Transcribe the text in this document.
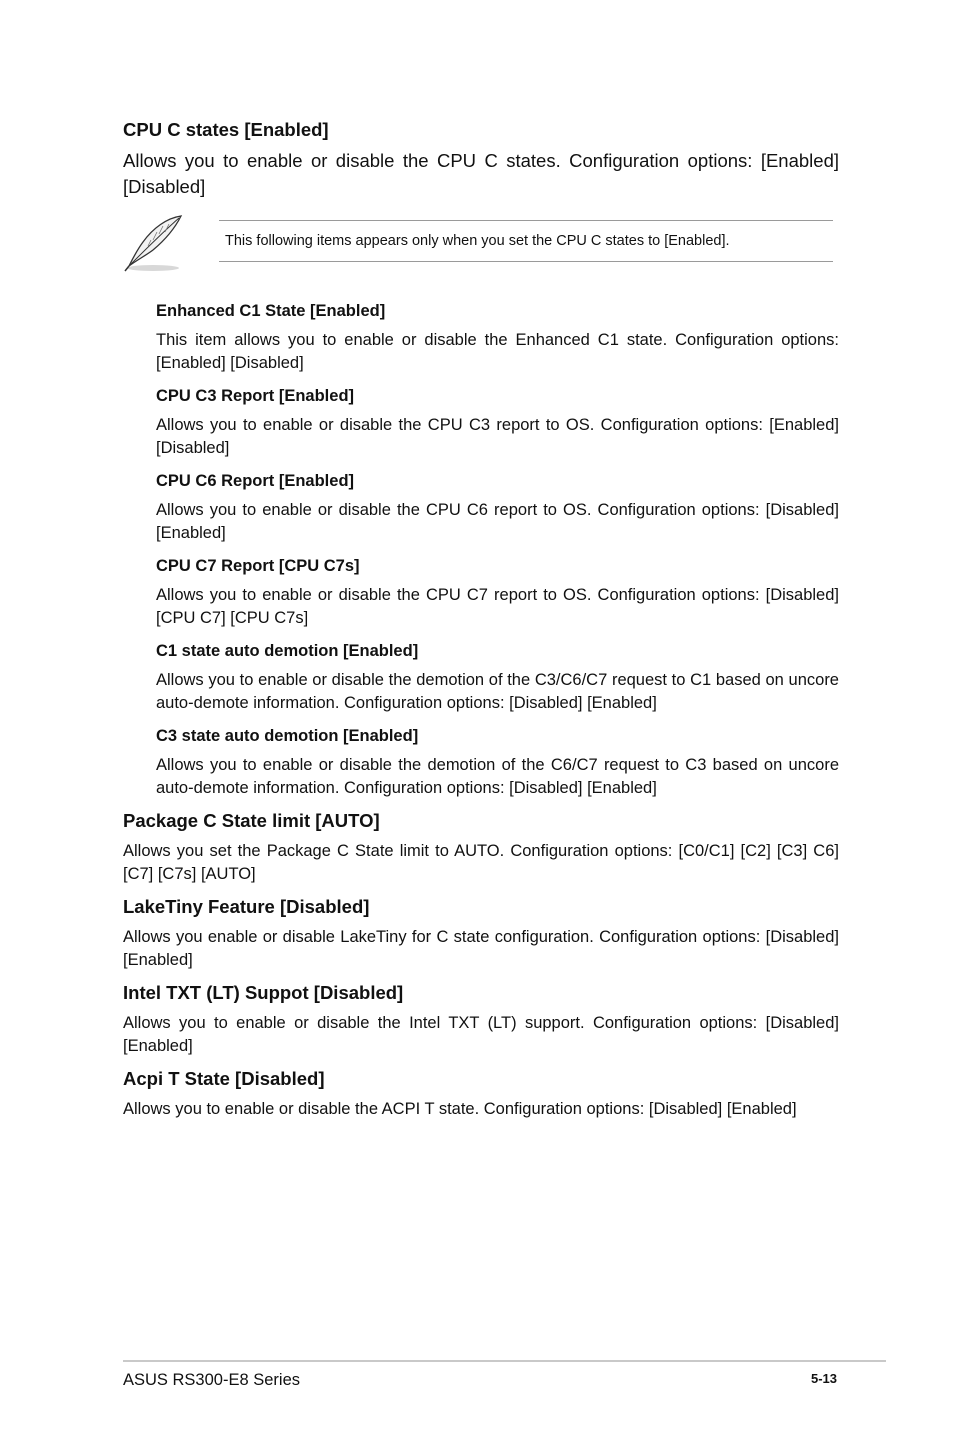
CPU C states [Enabled]

Allows you to enable or disable the CPU C states. Configuration options: [Enabled] [Disabled]

This following items appears only when you set the CPU C states to [Enabled].

Enhanced C1 State [Enabled]

This item allows you to enable or disable the Enhanced C1 state. Configuration options: [Enabled] [Disabled]

CPU C3 Report [Enabled]

Allows you to enable or disable the CPU C3 report to OS. Configuration options: [Enabled] [Disabled]

CPU C6 Report [Enabled]

Allows you to enable or disable the CPU C6 report to OS. Configuration options: [Disabled] [Enabled]

CPU C7 Report [CPU C7s]

Allows you to enable or disable the CPU C7 report to OS. Configuration options: [Disabled] [CPU C7] [CPU C7s]

C1 state auto demotion [Enabled]

Allows you to enable or disable the demotion of the C3/C6/C7 request to C1 based on uncore auto-demote information. Configuration options: [Disabled] [Enabled]

C3 state auto demotion [Enabled]

Allows you to enable or disable the demotion of the C6/C7 request to C3 based on uncore auto-demote information. Configuration options: [Disabled] [Enabled]

Package C State limit [AUTO]

Allows you set the Package C State limit to AUTO. Configuration options: [C0/C1] [C2] [C3] C6] [C7] [C7s] [AUTO]

LakeTiny Feature [Disabled]

Allows you enable or disable LakeTiny for C state configuration. Configuration options: [Disabled] [Enabled]

Intel TXT (LT) Suppot [Disabled]

Allows you to enable or disable the Intel TXT (LT) support. Configuration options: [Disabled] [Enabled]

Acpi T State [Disabled]

Allows you to enable or disable the ACPI T state. Configuration options: [Disabled] [Enabled]

ASUS RS300-E8 Series	5-13
